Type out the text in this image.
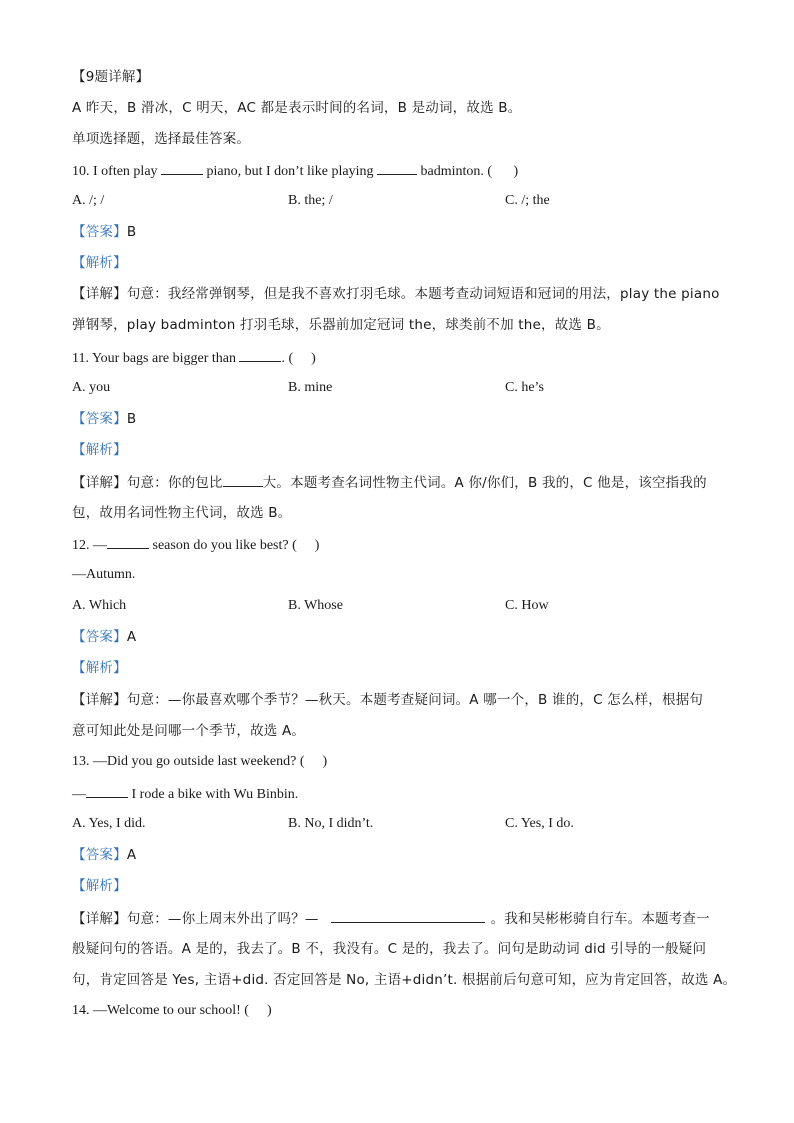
【9题详解】
A 昨天，B 滑冰，C 明天，AC 都是表示时间的名词，B 是动词，故选 B。
单项选择题，选择最佳答案。
10. I often play	piano, but I don’t like playing	badminton. ( )
A. /; /	B. the; /	C. /; the
【答案】B
【解析】
【详解】句意：我经常弹钢琴，但是我不喜欢打羽毛球。本题考查动词短语和冠词的用法，play the piano
弹钢琴，play badminton 打羽毛球，乐器前加定冠词 the，球类前不加 the，故选 B。
11. Your bags are bigger than	. ( )
A. you	B. mine	C. he’s
【答案】B
【解析】
【详解】句意：你的包比	大。本题考查名词性物主代词。A 你/你们，B 我的，C 他是，该空指我的
包，故用名词性物主代词，故选 B。
12. —	season do you like best? ( )
—Autumn.
A. Which	B. Whose	C. How
【答案】A
【解析】
【详解】句意：—你最喜欢哪个季节？—秋天。本题考查疑问词。A 哪一个，B 谁的，C 怎么样，根据句
意可知此处是问哪一个季节，故选 A。
13. —Did you go outside last weekend? ( )
—	I rode a bike with Wu Binbin.
A. Yes, I did.	B. No, I didn’t.	C. Yes, I do.
【答案】A
【解析】
【详解】句意：—你上周末外出了吗？—	。我和吴彬彬骑自行车。本题考查一
般疑问句的答语。A 是的，我去了。B 不，我没有。C 是的，我去了。问句是助动词 did 引导的一般疑问
句，肯定回答是 Yes, 主语+did. 否定回答是 No, 主语+didn’t. 根据前后句意可知，应为肯定回答，故选 A。
14. —Welcome to our school! ( )
